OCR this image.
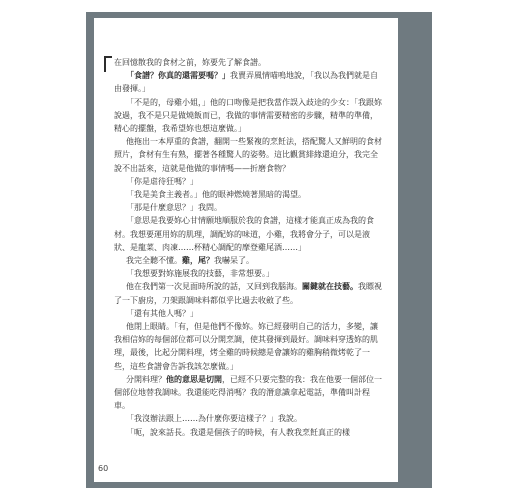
在回憶散我的食材之前，妳要先了解食譜。

「食譜？你真的還需要嗎？」我賣弄風情喵嗚地說，「我以為我們就是自由發揮。」

「不是的，母雞小姐，」他的口吻像是把我當作誤入歧途的少女：「我跟妳說過，我不是只是做燒飯而已，我做的事情需要精密的步驟，精準的準備，精心的擺盤，我希望妳也想這麼做。」

他拖出一本厚重的食譜，翻開一些緊複的烹飪法，搭配驚人又鮮明的食材照片，食材有生有熟，擺著各種驚人的姿勢。這比觀賞緋緣還迫分，我完全說不出話來，這就是他做的事情嗎——折磨食物？

「你是虐待狂嗎？」

「我是美食主義者。」他的眼神燃燒著黑暗的渴望。

「那是什麼意思？」我問。

「意思是我要妳心甘情願地順服於我的食譜，這樣才能真正成為我的食材。我想要運用妳的肌理，調配妳的味道，小雞，我將會分子，可以是液狀、是龍菜、肉凍……杯精心調配的摩登雞尾酒……」

我完全聽不懂。雞，尾？我嚇呆了。

「我想要對妳施展我的技藝，非常想要。」

他在我們第一次見面時所說的話，又回到我腦海。關鍵就在技藝。我瞟視了一下廚房，刀架跟調味料都似乎比過去收斂了些。

「還有其他人嗎？」

他閉上眼睛。「有，但是他們不像妳。妳已經發明自己的活力，多變，讓我相信妳的每個部位都可以分開烹調，使其發揮到最好。調味料穿透妳的肌理，最後，比起分開料理，烤全雞的時候總是會讓妳的雞胸稍微烤乾了一些，這些食譜會告訴我該怎麼做。」

分開料理？他的意思是切開，已經不只要完整的我：我在他要一個部位一個部位地替我調味。我還能吃得消嗎？我的潛意識拿起電話，準備叫計程車。

「我沒辦法跟上……為什麼你要這樣子？」我說。

「呃，說來話長。我還是個孩子的時候，有人教我烹飪真正的樣

60
